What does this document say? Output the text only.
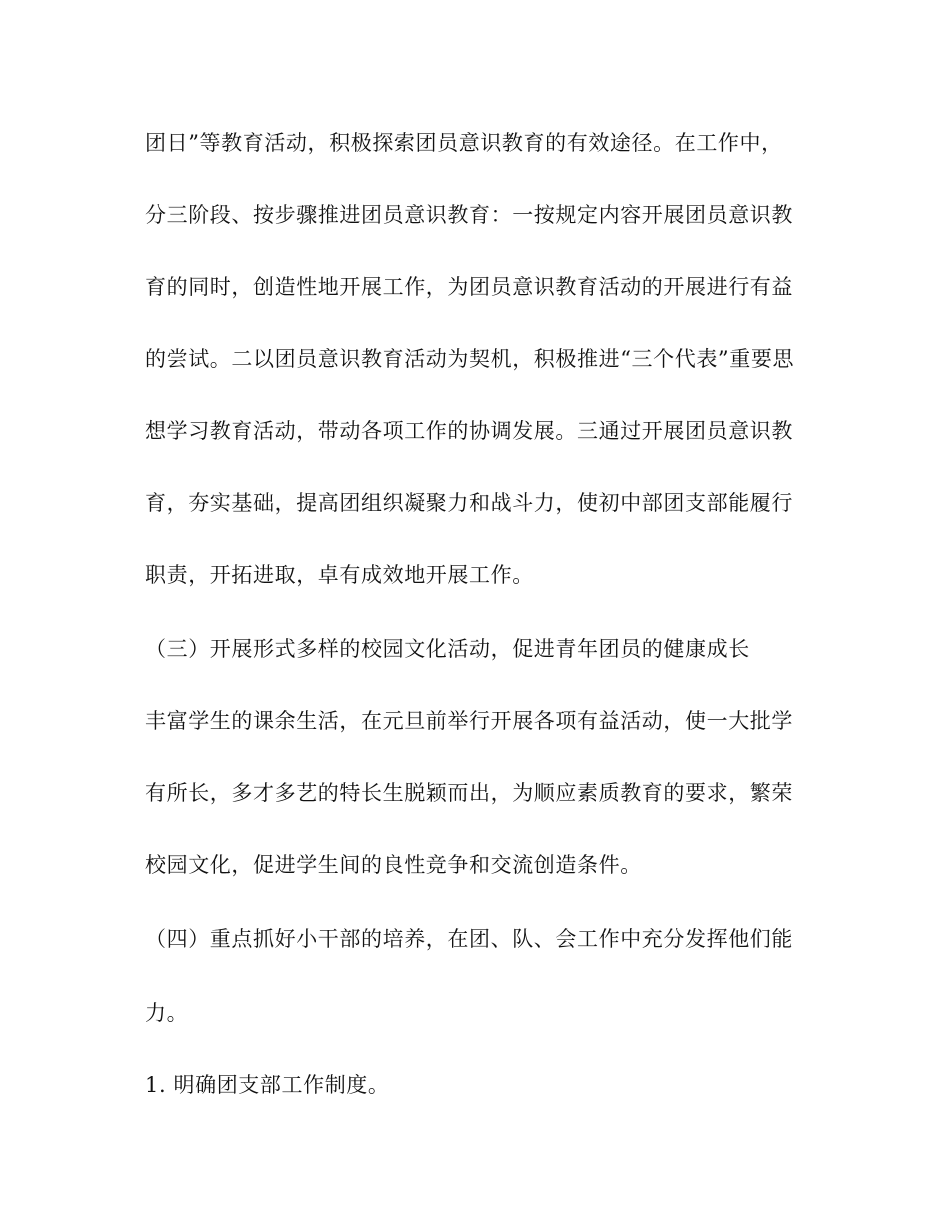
团日”等教育活动，积极探索团员意识教育的有效途径。在工作中，
分三阶段、按步骤推进团员意识教育：一按规定内容开展团员意识教
育的同时，创造性地开展工作，为团员意识教育活动的开展进行有益
的尝试。二以团员意识教育活动为契机，积极推进“三个代表”重要思
想学习教育活动，带动各项工作的协调发展。三通过开展团员意识教
育，夯实基础，提高团组织凝聚力和战斗力，使初中部团支部能履行
职责，开拓进取，卓有成效地开展工作。
（三）开展形式多样的校园文化活动，促进青年团员的健康成长
丰富学生的课余生活，在元旦前举行开展各项有益活动，使一大批学
有所长，多才多艺的特长生脱颖而出，为顺应素质教育的要求，繁荣
校园文化，促进学生间的良性竞争和交流创造条件。
（四）重点抓好小干部的培养，在团、队、会工作中充分发挥他们能
力。
1. 明确团支部工作制度。
